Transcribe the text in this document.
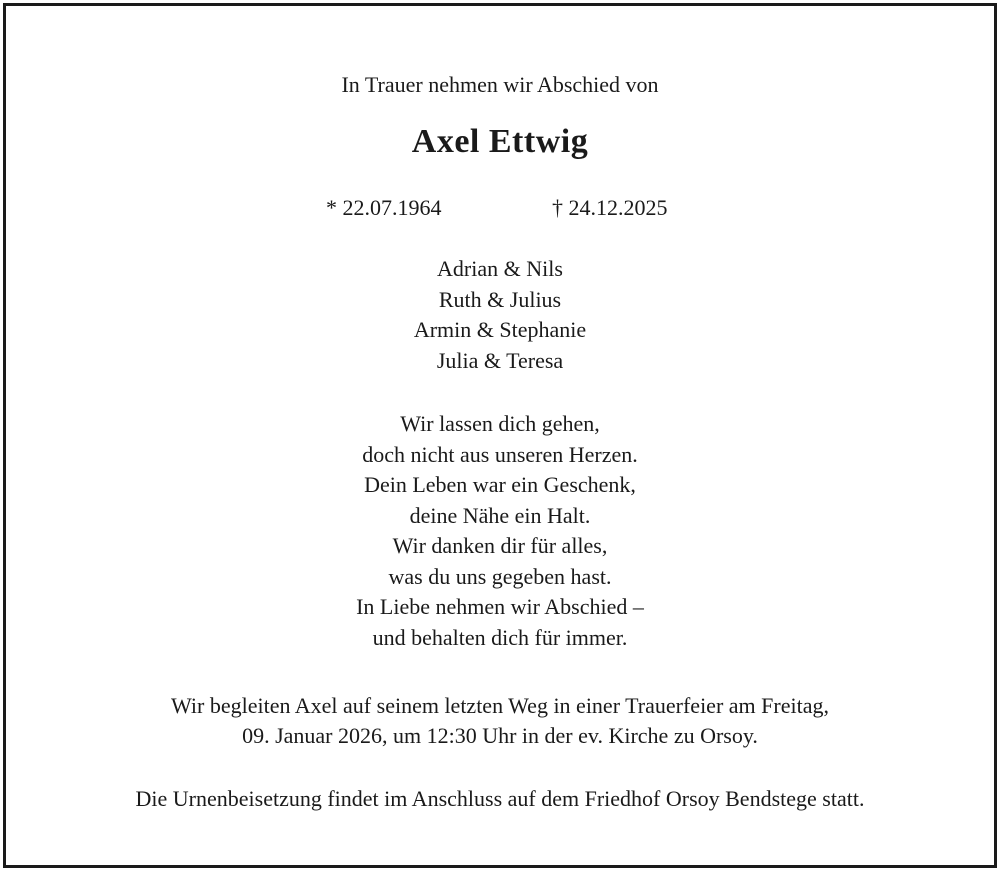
In Trauer nehmen wir Abschied von
Axel Ettwig
* 22.07.1964	† 24.12.2025
Adrian & Nils
Ruth & Julius
Armin & Stephanie
Julia & Teresa
Wir lassen dich gehen,
doch nicht aus unseren Herzen.
Dein Leben war ein Geschenk,
deine Nähe ein Halt.
Wir danken dir für alles,
was du uns gegeben hast.
In Liebe nehmen wir Abschied –
und behalten dich für immer.
Wir begleiten Axel auf seinem letzten Weg in einer Trauerfeier am Freitag,
09. Januar 2026, um 12:30 Uhr in der ev. Kirche zu Orsoy.
Die Urnenbeisetzung findet im Anschluss auf dem Friedhof Orsoy Bendstege statt.
